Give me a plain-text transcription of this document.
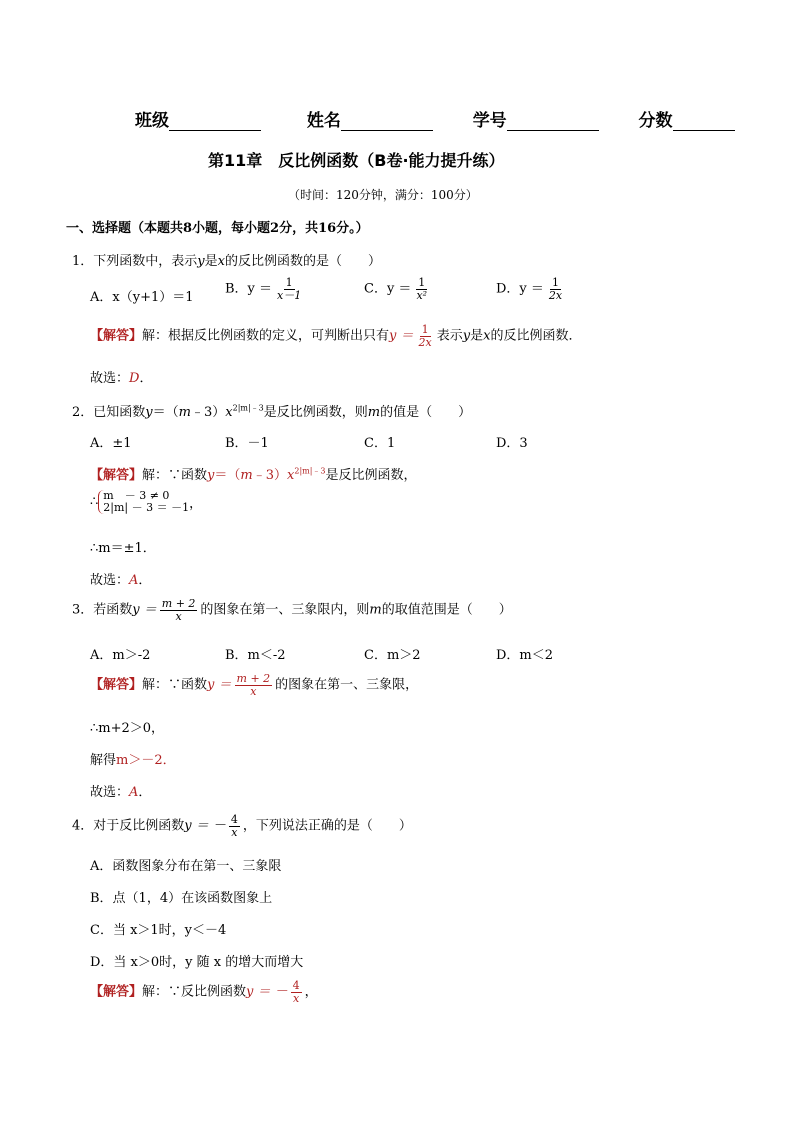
班级	姓名	学号	分数
第11章　反比例函数（B卷·能力提升练）
（时间：120分钟，满分：100分）
一、选择题（本题共8小题，每小题2分，共16分。）
1．下列函数中，表示y是x的反比例函数的是（　　）
A．x（y+1）＝1
B．$y = \frac{1}{x-1}$	C．$y = \frac{1}{\text{x²}}$	D．$y = \frac{1}{2x}$
【解答】解：根据反比例函数的定义，可判断出只有$y = \frac{1}{2x}$ 表示y是x的反比例函数．
故选：D．
2．已知函数$y=(m﹣3)x^{2|m|﹣3}$是反比例函数，则m的值是（　　）
A．±1	B．－1	C．1	D．3
【解答】解：∵函数$y=(m﹣3)x^{2|m|﹣3}$是反比例函数，
∴ m　－ 3 ≠ 0
2|m| － 3 ＝ －1 ，
∴m＝±1．
故选：A．
3．若函数$y = \frac{m + 2}{x}$ 的图象在第一、三象限内，则m的取值范围是（　　）
A．m＞-2	B．m＜-2	C．m＞2	D．m＜2
【解答】解：∵函数$y = \frac{m + 2}{x}$ 的图象在第一、三象限，
∴m+2＞0，
解得m＞－2．
故选：A．
4．对于反比例函数y ＝ － $\frac{4}{x}$ ，下列说法正确的是（　　）
A．函数图象分布在第一、三象限
B．点（1，4）在该函数图象上
C．当 x＞1时，y＜－4
D．当 x＞0时，y 随 x 的增大而增大
【解答】解：∵反比例函数y ＝ － $\frac{4}{x}$ ，
